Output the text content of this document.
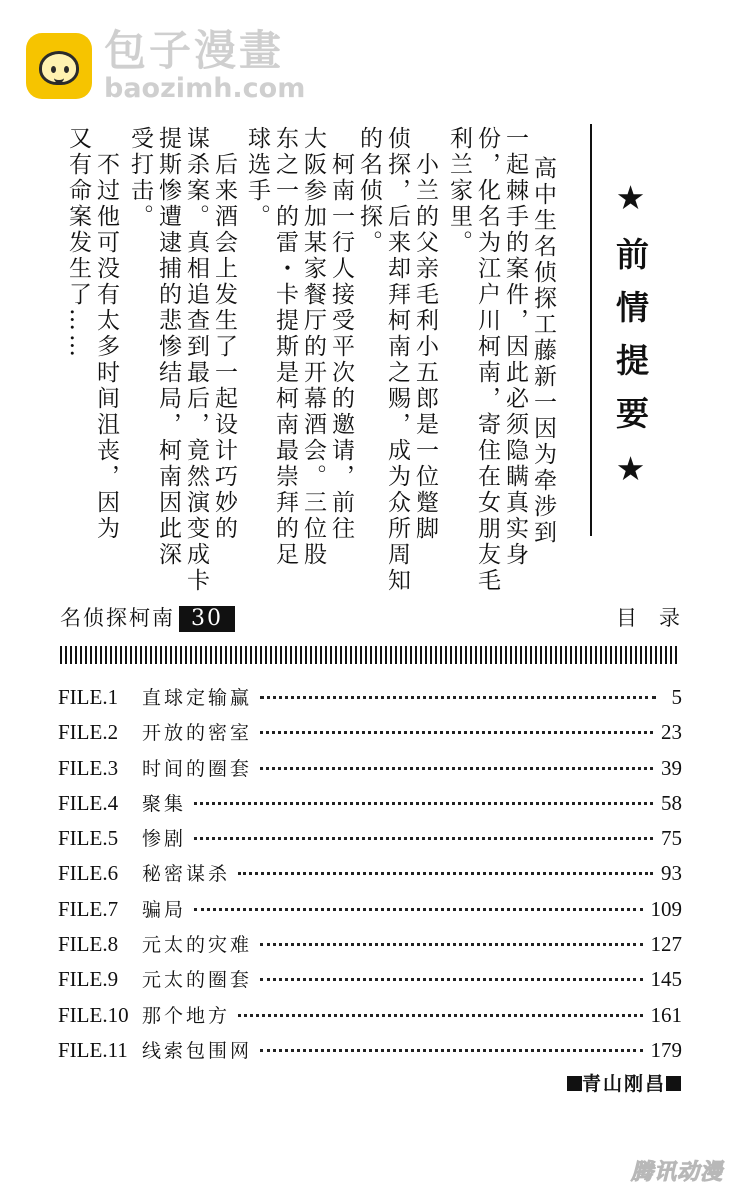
包子漫畫
baozimh.com
★前情提要★
高中生名侦探工藤新一因为牵涉到
一起棘手的案件，因此必须隐瞒真实身
份，化名为江户川柯南，寄住在女朋友毛
利兰家里。
　小兰的父亲毛利小五郎是一位蹩脚
侦探，后来却拜柯南之赐，成为众所周知
的名侦探。
　柯南一行人接受平次的邀请，前往
大阪参加某家餐厅的开幕酒会。三位股
东之一的雷・卡提斯是柯南最崇拜的足
球选手。
　后来酒会上发生了一起设计巧妙的
谋杀案。真相追查到最后，竟然演变成卡
提斯惨遭逮捕的悲惨结局，柯南因此深
受打击。
　不过他可没有太多时间沮丧，因为
又有命案发生了……
名侦探柯南 30	目录
FILE.1	直球定输赢	5
FILE.2	开放的密室	23
FILE.3	时间的圈套	39
FILE.4	聚集	58
FILE.5	惨剧	75
FILE.6	秘密谋杀	93
FILE.7	骗局	109
FILE.8	元太的灾难	127
FILE.9	元太的圈套	145
FILE.10 那个地方	161
FILE.11 线索包围网	179
青山刚昌
腾讯动漫
